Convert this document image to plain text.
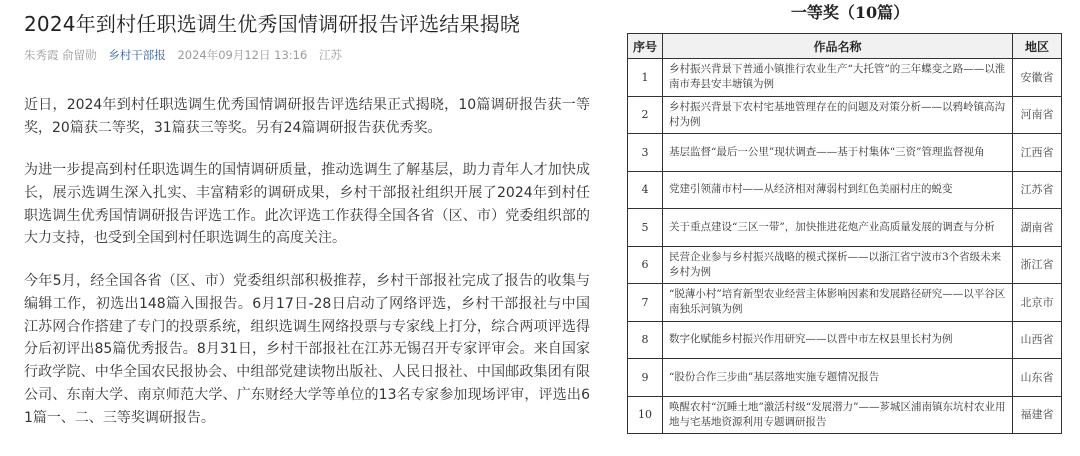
2024年到村任职选调生优秀国情调研报告评选结果揭晓
朱秀霞 俞留勋 乡村干部报 2024年09月12日 13:16 江苏

近日，2024年到村任职选调生优秀国情调研报告评选结果正式揭晓，10篇调研报告获一等奖，20篇获二等奖，31篇获三等奖。另有24篇调研报告获优秀奖。

为进一步提高到村任职选调生的国情调研质量，推动选调生了解基层，助力青年人才加快成长，展示选调生深入扎实、丰富精彩的调研成果，乡村干部报社组织开展了2024年到村任职选调生优秀国情调研报告评选工作。此次评选工作获得全国各省（区、市）党委组织部的大力支持，也受到全国到村任职选调生的高度关注。

今年5月，经全国各省（区、市）党委组织部积极推荐，乡村干部报社完成了报告的收集与编辑工作，初选出148篇入围报告。6月17日-28日启动了网络评选，乡村干部报社与中国江苏网合作搭建了专门的投票系统，组织选调生网络投票与专家线上打分，综合两项评选得分后初评出85篇优秀报告。8月31日，乡村干部报社在江苏无锡召开专家评审会。来自国家行政学院、中华全国农民报协会、中组部党建读物出版社、人民日报社、中国邮政集团有限公司、东南大学、南京师范大学、广东财经大学等单位的13名专家参加现场评审，评选出61篇一、二、三等奖调研报告。

一等奖（10篇）
序号	作品名称	地区
1	乡村振兴背景下普通小镇推行农业生产“大托管”的三年蝶变之路——以淮南市寿县安丰塘镇为例	安徽省
2	乡村振兴背景下农村宅基地管理存在的问题及对策分析——以鸦岭镇高沟村为例	河南省
3	基层监督“最后一公里”现状调查——基于村集体“三资”管理监督视角	江西省
4	党建引领蒲市村——从经济相对薄弱村到红色美丽村庄的蜕变	江苏省
5	关于重点建设“三区一带”，加快推进花炮产业高质量发展的调查与分析	湖南省
6	民营企业参与乡村振兴战略的模式探析——以浙江省宁波市3个省级未来乡村为例	浙江省
7	“脱薄小村”培育新型农业经营主体影响因素和发展路径研究——以平谷区南独乐河镇为例	北京市
8	数字化赋能乡村振兴作用研究——以晋中市左权县里长村为例	山西省
9	“股份合作三步曲”基层落地实施专题情况报告	山东省
10	唤醒农村“沉睡土地”激活村级“发展潜力”——芗城区浦南镇东坑村农业用地与宅基地资源利用专题调研报告	福建省
